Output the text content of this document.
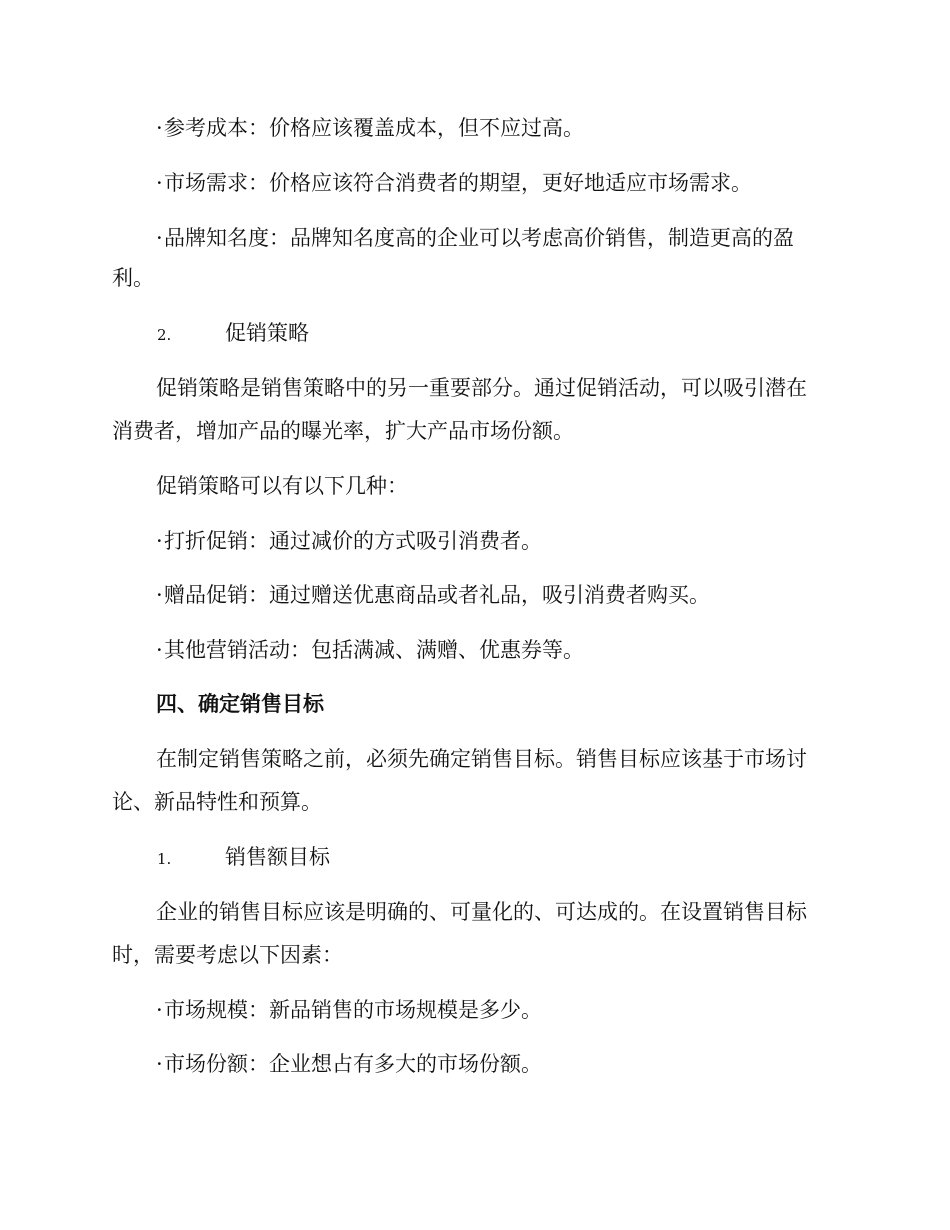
·参考成本：价格应该覆盖成本，但不应过高。
·市场需求：价格应该符合消费者的期望，更好地适应市场需求。
·品牌知名度：品牌知名度高的企业可以考虑高价销售，制造更高的盈
利。
2.	促销策略
促销策略是销售策略中的另一重要部分。通过促销活动，可以吸引潜在
消费者，增加产品的曝光率，扩大产品市场份额。
促销策略可以有以下几种：
·打折促销：通过减价的方式吸引消费者。
·赠品促销：通过赠送优惠商品或者礼品，吸引消费者购买。
·其他营销活动：包括满减、满赠、优惠券等。
四、确定销售目标
在制定销售策略之前，必须先确定销售目标。销售目标应该基于市场讨
论、新品特性和预算。
1.	销售额目标
企业的销售目标应该是明确的、可量化的、可达成的。在设置销售目标
时，需要考虑以下因素：
·市场规模：新品销售的市场规模是多少。
·市场份额：企业想占有多大的市场份额。
